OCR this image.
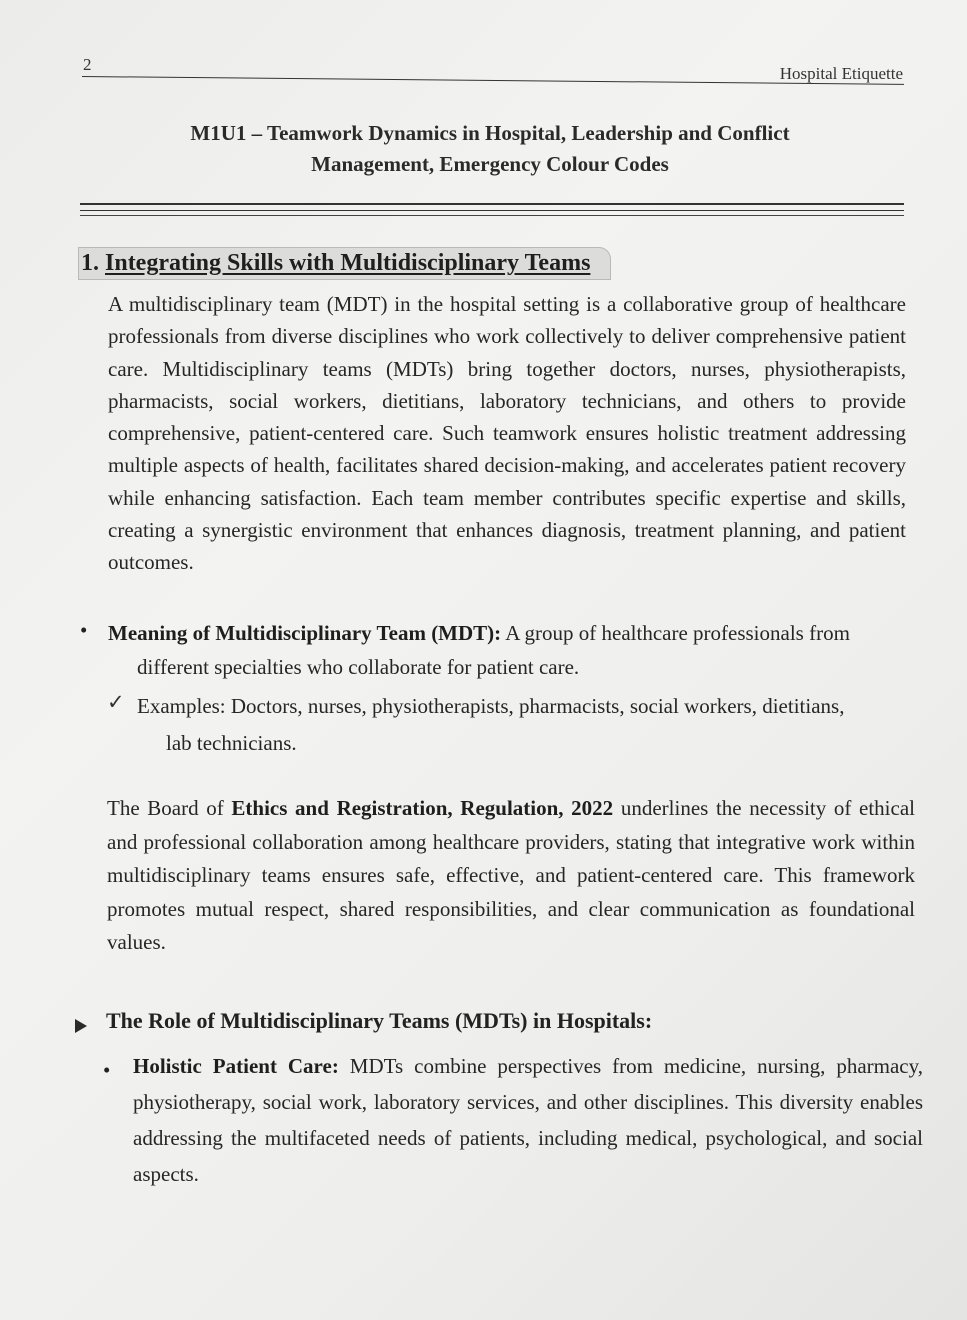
2	Hospital Etiquette
M1U1 – Teamwork Dynamics in Hospital, Leadership and Conflict
Management, Emergency Colour Codes
1. Integrating Skills with Multidisciplinary Teams
A multidisciplinary team (MDT) in the hospital setting is a collaborative group of healthcare professionals from diverse disciplines who work collectively to deliver comprehensive patient care. Multidisciplinary teams (MDTs) bring together doctors, nurses, physiotherapists, pharmacists, social workers, dietitians, laboratory technicians, and others to provide comprehensive, patient-centered care. Such teamwork ensures holistic treatment addressing multiple aspects of health, facilitates shared decision-making, and accelerates patient recovery while enhancing satisfaction. Each team member contributes specific expertise and skills, creating a synergistic environment that enhances diagnosis, treatment planning, and patient outcomes.
• Meaning of Multidisciplinary Team (MDT): A group of healthcare professionals from
different specialties who collaborate for patient care.
✓ Examples: Doctors, nurses, physiotherapists, pharmacists, social workers, dietitians,
lab technicians.
The Board of Ethics and Registration, Regulation, 2022 underlines the necessity of ethical and professional collaboration among healthcare providers, stating that integrative work within multidisciplinary teams ensures safe, effective, and patient-centered care. This framework promotes mutual respect, shared responsibilities, and clear communication as foundational values.
The Role of Multidisciplinary Teams (MDTs) in Hospitals:
• Holistic Patient Care: MDTs combine perspectives from medicine, nursing, pharmacy, physiotherapy, social work, laboratory services, and other disciplines. This diversity enables addressing the multifaceted needs of patients, including medical, psychological, and social aspects.
